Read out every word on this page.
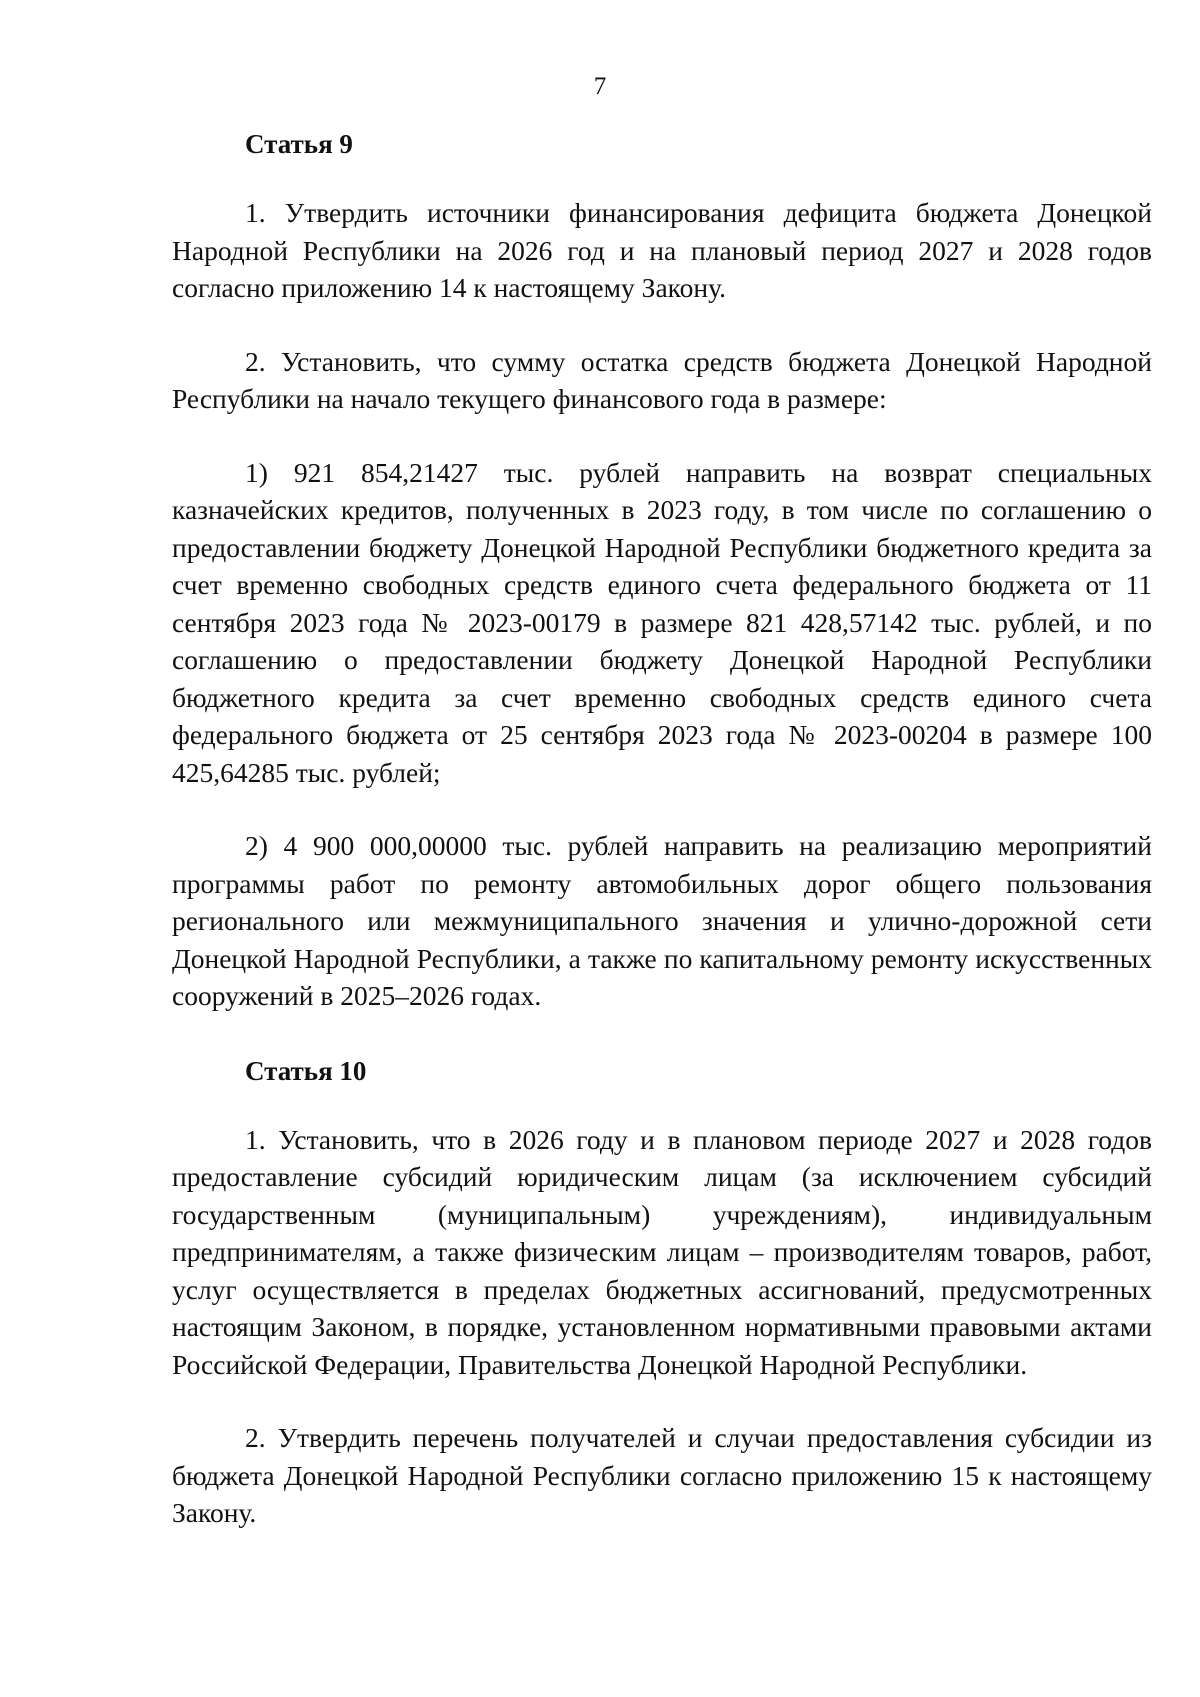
7
Статья 9

1. Утвердить источники финансирования дефицита бюджета Донецкой Народной Республики на 2026 год и на плановый период 2027 и 2028 годов согласно приложению 14 к настоящему Закону.

2. Установить, что сумму остатка средств бюджета Донецкой Народной Республики на начало текущего финансового года в размере:

1) 921 854,21427 тыс. рублей направить на возврат специальных казначейских кредитов, полученных в 2023 году, в том числе по соглашению о предоставлении бюджету Донецкой Народной Республики бюджетного кредита за счет временно свободных средств единого счета федерального бюджета от 11 сентября 2023 года № 2023-00179 в размере 821 428,57142 тыс. рублей, и по соглашению о предоставлении бюджету Донецкой Народной Республики бюджетного кредита за счет временно свободных средств единого счета федерального бюджета от 25 сентября 2023 года № 2023-00204 в размере 100 425,64285 тыс. рублей;

2) 4 900 000,00000 тыс. рублей направить на реализацию мероприятий программы работ по ремонту автомобильных дорог общего пользования регионального или межмуниципального значения и улично-дорожной сети Донецкой Народной Республики, а также по капитальному ремонту искусственных сооружений в 2025–2026 годах.

Статья 10

1. Установить, что в 2026 году и в плановом периоде 2027 и 2028 годов предоставление субсидий юридическим лицам (за исключением субсидий государственным (муниципальным) учреждениям), индивидуальным предпринимателям, а также физическим лицам – производителям товаров, работ, услуг осуществляется в пределах бюджетных ассигнований, предусмотренных настоящим Законом, в порядке, установленном нормативными правовыми актами Российской Федерации, Правительства Донецкой Народной Республики.

2. Утвердить перечень получателей и случаи предоставления субсидии из бюджета Донецкой Народной Республики согласно приложению 15 к настоящему Закону.
